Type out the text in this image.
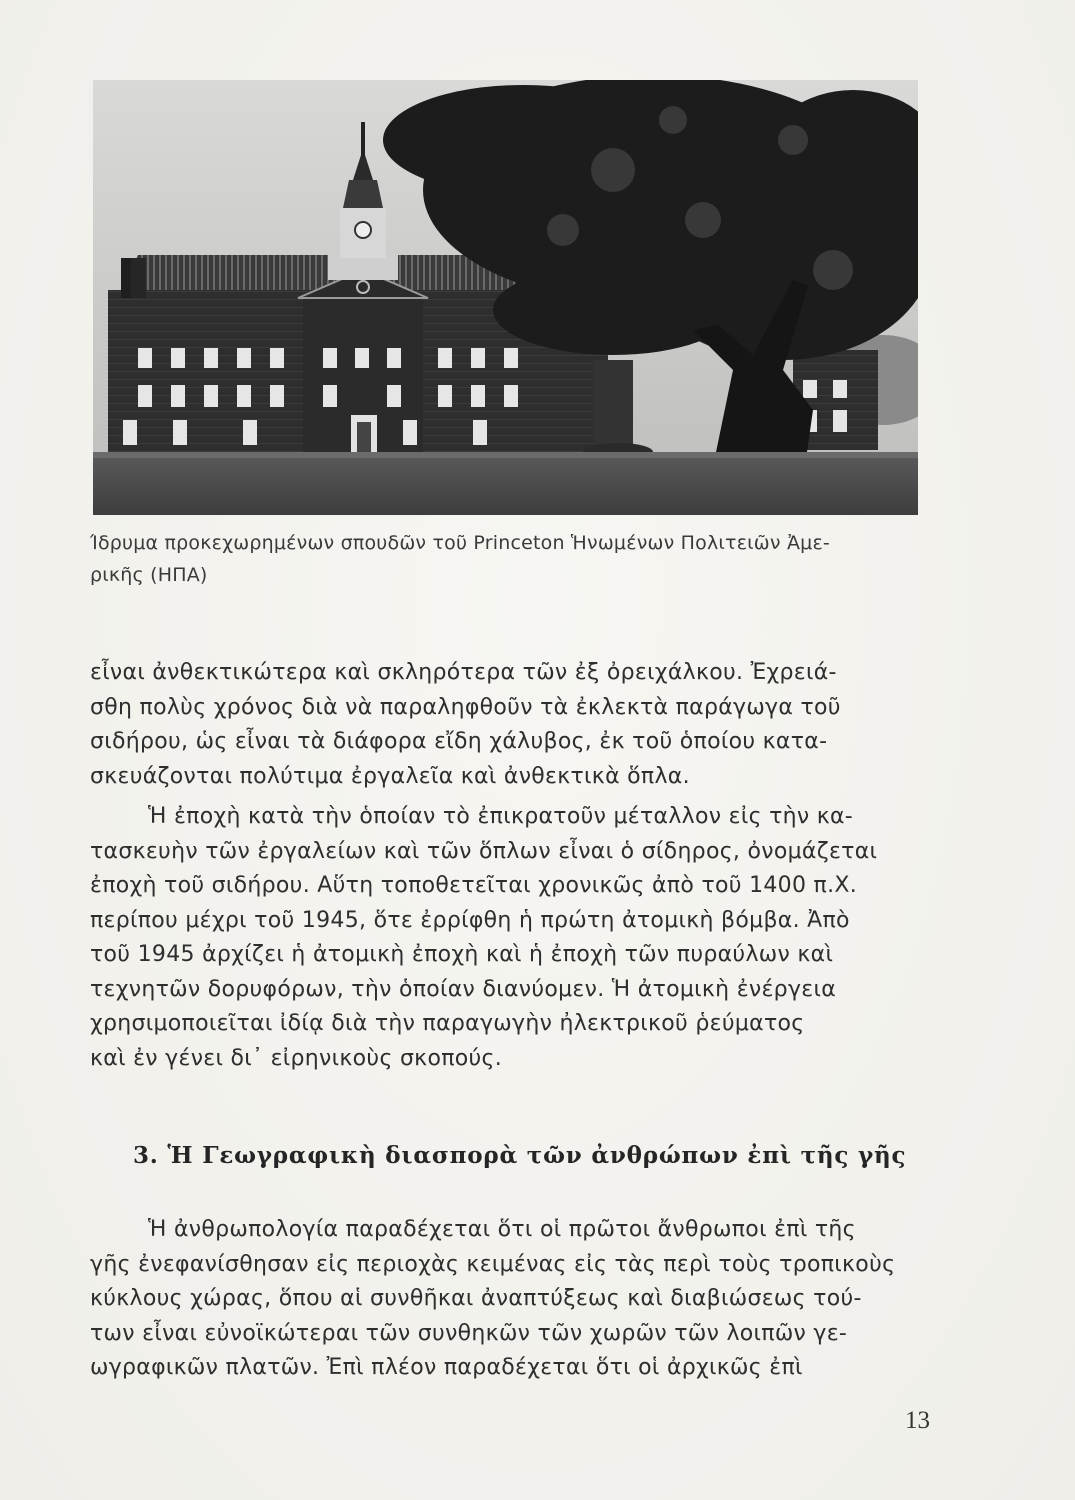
Ίδρυμα προκεχωρημένων σπουδῶν τοῦ Princeton Ἡνωμένων Πολιτειῶν Ἀμε-
ρικῆς (ΗΠΑ)
εἶναι ἀνθεκτικώτερα καὶ σκληρότερα τῶν ἐξ ὀρειχάλκου. Ἐχρειά-
σθη πολὺς χρόνος διὰ νὰ παραληφθοῦν τὰ ἐκλεκτὰ παράγωγα τοῦ
σιδήρου, ὡς εἶναι τὰ διάφορα εἴδη χάλυβος, ἐκ τοῦ ὁποίου κατα-
σκευάζονται πολύτιμα ἐργαλεῖα καὶ ἀνθεκτικὰ ὅπλα.
Ἡ ἐποχὴ κατὰ τὴν ὁποίαν τὸ ἐπικρατοῦν μέταλλον εἰς τὴν κα-
τασκευὴν τῶν ἐργαλείων καὶ τῶν ὅπλων εἶναι ὁ σίδηρος, ὀνομάζεται
ἐποχὴ τοῦ σιδήρου. Αὕτη τοποθετεῖται χρονικῶς ἀπὸ τοῦ 1400 π.Χ.
περίπου μέχρι τοῦ 1945, ὅτε ἐρρίφθη ἡ πρώτη ἀτομικὴ βόμβα. Ἀπὸ
τοῦ 1945 ἀρχίζει ἡ ἀτομικὴ ἐποχὴ καὶ ἡ ἐποχὴ τῶν πυραύλων καὶ
τεχνητῶν δορυφόρων, τὴν ὁποίαν διανύομεν. Ἡ ἀτομικὴ ἐνέργεια
χρησιμοποιεῖται ἰδίᾳ διὰ τὴν παραγωγὴν ἠλεκτρικοῦ ῥεύματος
καὶ ἐν γένει δι᾽ εἰρηνικοὺς σκοπούς.
3. Ἡ Γεωγραφικὴ διασπορὰ τῶν ἀνθρώπων ἐπὶ τῆς γῆς
Ἡ ἀνθρωπολογία παραδέχεται ὅτι οἱ πρῶτοι ἄνθρωποι ἐπὶ τῆς
γῆς ἐνεφανίσθησαν εἰς περιοχὰς κειμένας εἰς τὰς περὶ τοὺς τροπικοὺς
κύκλους χώρας, ὅπου αἱ συνθῆκαι ἀναπτύξεως καὶ διαβιώσεως τού-
των εἶναι εὐνοϊκώτεραι τῶν συνθηκῶν τῶν χωρῶν τῶν λοιπῶν γε-
ωγραφικῶν πλατῶν. Ἐπὶ πλέον παραδέχεται ὅτι οἱ ἀρχικῶς ἐπὶ
13
